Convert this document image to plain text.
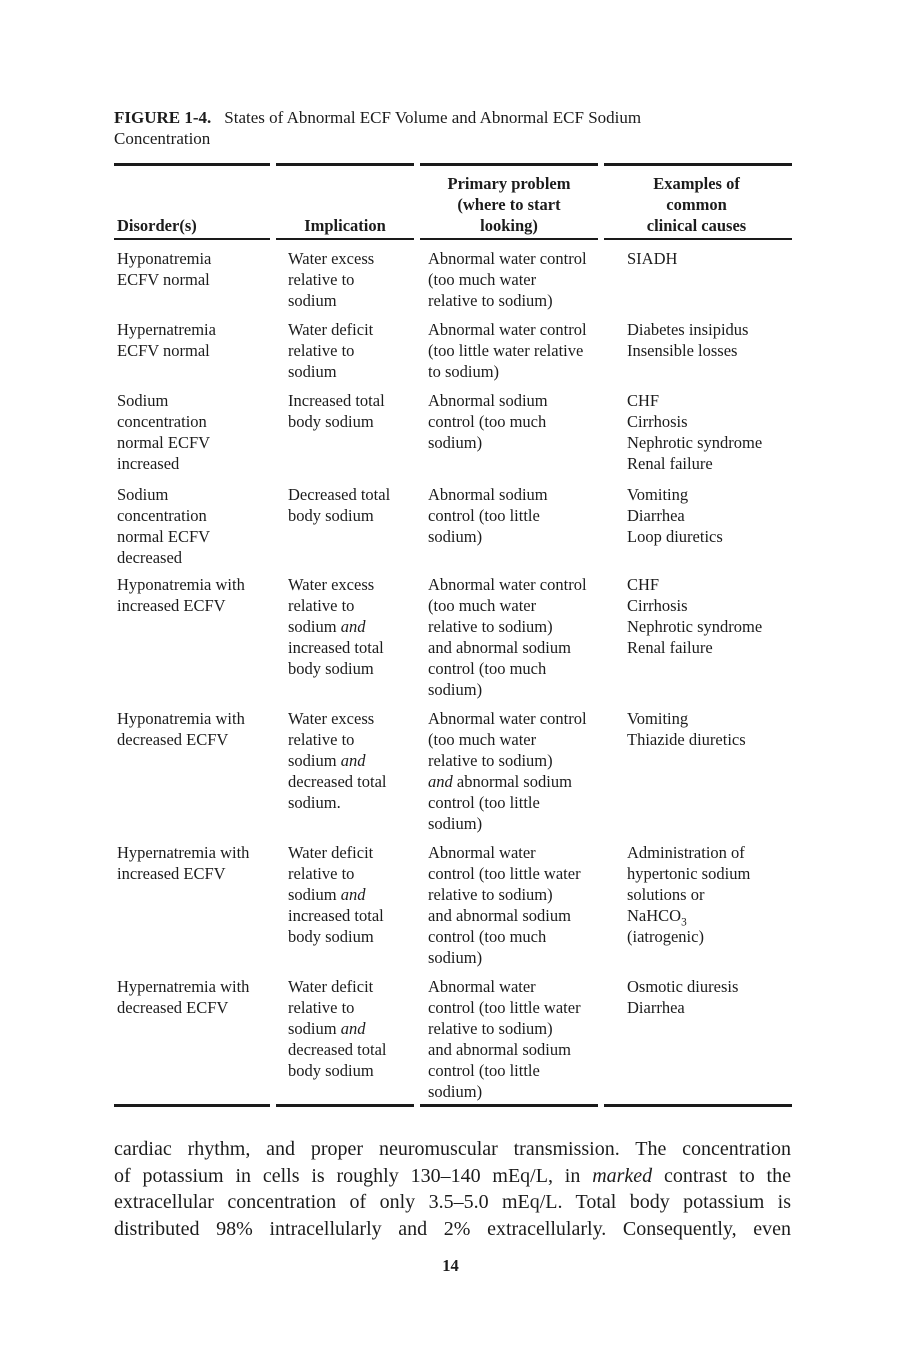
FIGURE 1-4. States of Abnormal ECF Volume and Abnormal ECF Sodium
Concentration
Disorder(s)	Implication
Primary problem
(where to start
looking)
Examples of
common
clinical causes
Hyponatremia
ECFV normal
Water excess
relative to
sodium
Abnormal water control
(too much water
relative to sodium)
SIADH
Hypernatremia
ECFV normal
Water deficit
relative to
sodium
Abnormal water control
(too little water relative
to sodium)
Diabetes insipidus
Insensible losses
Sodium
concentration
normal ECFV
increased
Increased total
body sodium
Abnormal sodium
control (too much
sodium)
CHF
Cirrhosis
Nephrotic syndrome
Renal failure
Sodium
concentration
normal ECFV
decreased
Decreased total
body sodium
Abnormal sodium
control (too little
sodium)
Vomiting
Diarrhea
Loop diuretics
Hyponatremia with
increased ECFV
Water excess
relative to
sodium and
increased total
body sodium
Abnormal water control
(too much water
relative to sodium)
and abnormal sodium
control (too much
sodium)
CHF
Cirrhosis
Nephrotic syndrome
Renal failure
Hyponatremia with
decreased ECFV
Water excess
relative to
sodium and
decreased total
sodium.
Abnormal water control
(too much water
relative to sodium)
and abnormal sodium
control (too little
sodium)
Vomiting
Thiazide diuretics
Hypernatremia with
increased ECFV
Water deficit
relative to
sodium and
increased total
body sodium
Abnormal water
control (too little water
relative to sodium)
and abnormal sodium
control (too much
sodium)
Administration of
hypertonic sodium
solutions or
NaHCO$_3$
(iatrogenic)
Hypernatremia with
decreased ECFV
Water deficit
relative to
sodium and
decreased total
body sodium
Abnormal water
control (too little water
relative to sodium)
and abnormal sodium
control (too little
sodium)
Osmotic diuresis
Diarrhea
cardiac rhythm, and proper neuromuscular transmission. The concentration
of potassium in cells is roughly 130–140 mEq/L, in marked contrast to the
extracellular concentration of only 3.5–5.0 mEq/L. Total body potassium is
distributed 98% intracellularly and 2% extracellularly. Consequently, even
14
